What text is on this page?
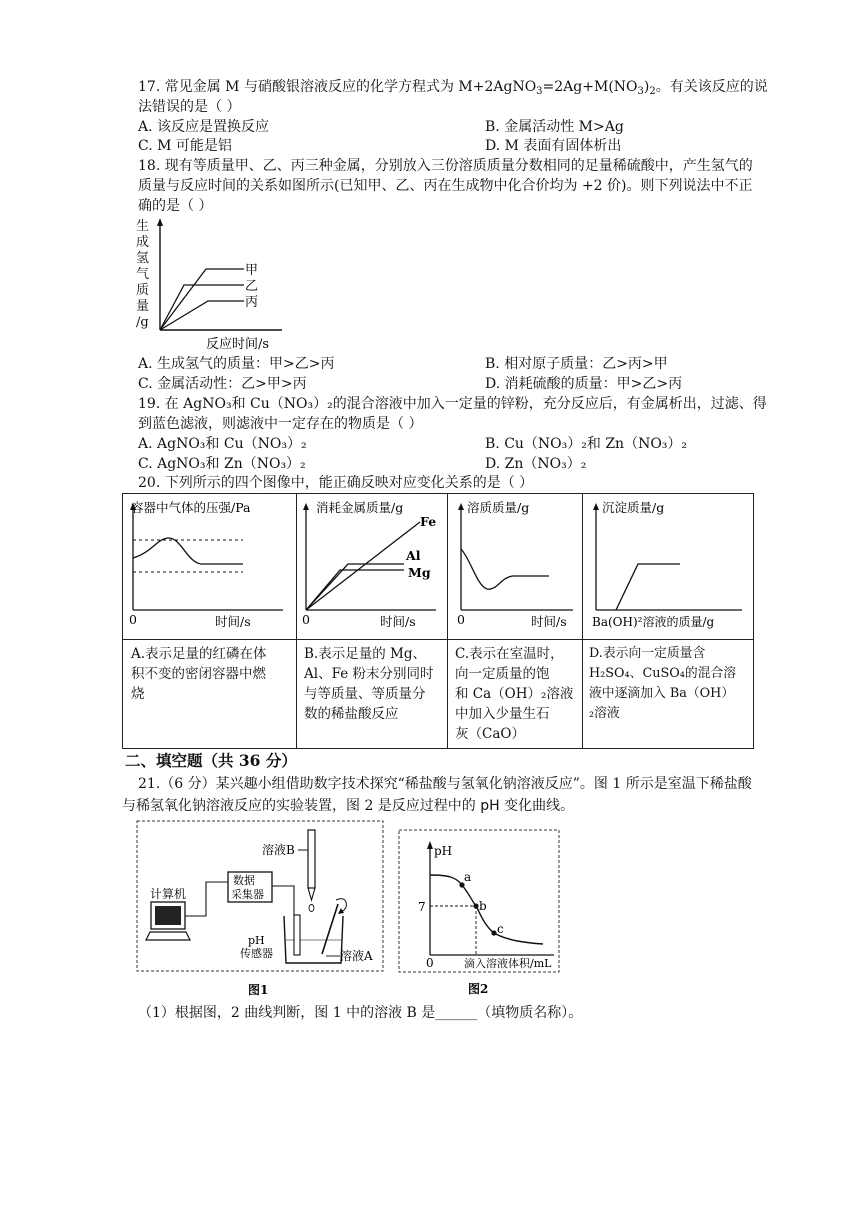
17. 常见金属 M 与硝酸银溶液反应的化学方程式为 $M+2AgNO_3=2Ag+M(NO_3)_2$。有关该反应的说
法错误的是（ ）
A. 该反应是置换反应	B. 金属活动性 M>Ag
C. M 可能是铝	D. M 表面有固体析出
18. 现有等质量甲、乙、丙三种金属，分别放入三份溶质质量分数相同的足量稀硫酸中，产生氢气的
质量与反应时间的关系如图所示(已知甲、乙、丙在生成物中化合价均为 +2 价)。则下列说法中不正
确的是（ ）
生
成
氢
气
质
量
/g
甲
乙
丙
反应时间/s
A. 生成氢气的质量：甲>乙>丙	B. 相对原子质量：乙>丙>甲
C. 金属活动性：乙>甲>丙	D. 消耗硫酸的质量：甲>乙>丙
19. 在 AgNO₃和 Cu（NO₃）₂的混合溶液中加入一定量的锌粉，充分反应后，有金属析出，过滤、得
到蓝色滤液，则滤液中一定存在的物质是（ ）
A. AgNO₃和 Cu（NO₃）₂	B. Cu（NO₃）₂和 Zn（NO₃）₂
C. AgNO₃和 Zn（NO₃）₂	D. Zn（NO₃）₂
20. 下列所示的四个图像中，能正确反映对应变化关系的是（ ）
容器中气体的压强/Pa
0	时间/s
消耗金属质量/g
Fe
Al
Mg
0	时间/s
溶质质量/g
0	时间/s
沉淀质量/g
Ba(OH)²溶液的质量/g
A.表示足量的红磷在体
积不变的密闭容器中燃
烧
B.表示足量的 Mg、
Al、Fe 粉末分别同时
与等质量、等质量分
数的稀盐酸反应
C.表示在室温时，
向一定质量的饱
和 Ca（OH）₂溶液
中加入少量生石
灰（CaO）
D.表示向一定质量含
H₂SO₄、CuSO₄的混合溶
液中逐滴加入 Ba（OH）
₂溶液
二、填空题（共 36 分）
21.（6 分）某兴趣小组借助数字技术探究“稀盐酸与氢氧化钠溶液反应”。图 1 所示是室温下稀盐酸
与稀氢氧化钠溶液反应的实验装置，图 2 是反应过程中的 pH 变化曲线。
计算机
数据
采集器
溶液B
pH
传感器	溶液A
图1
pH
7
a
b
c
0	滴入溶液体积/mL
图2
（1）根据图，2 曲线判断，图 1 中的溶液 B 是______（填物质名称）。
